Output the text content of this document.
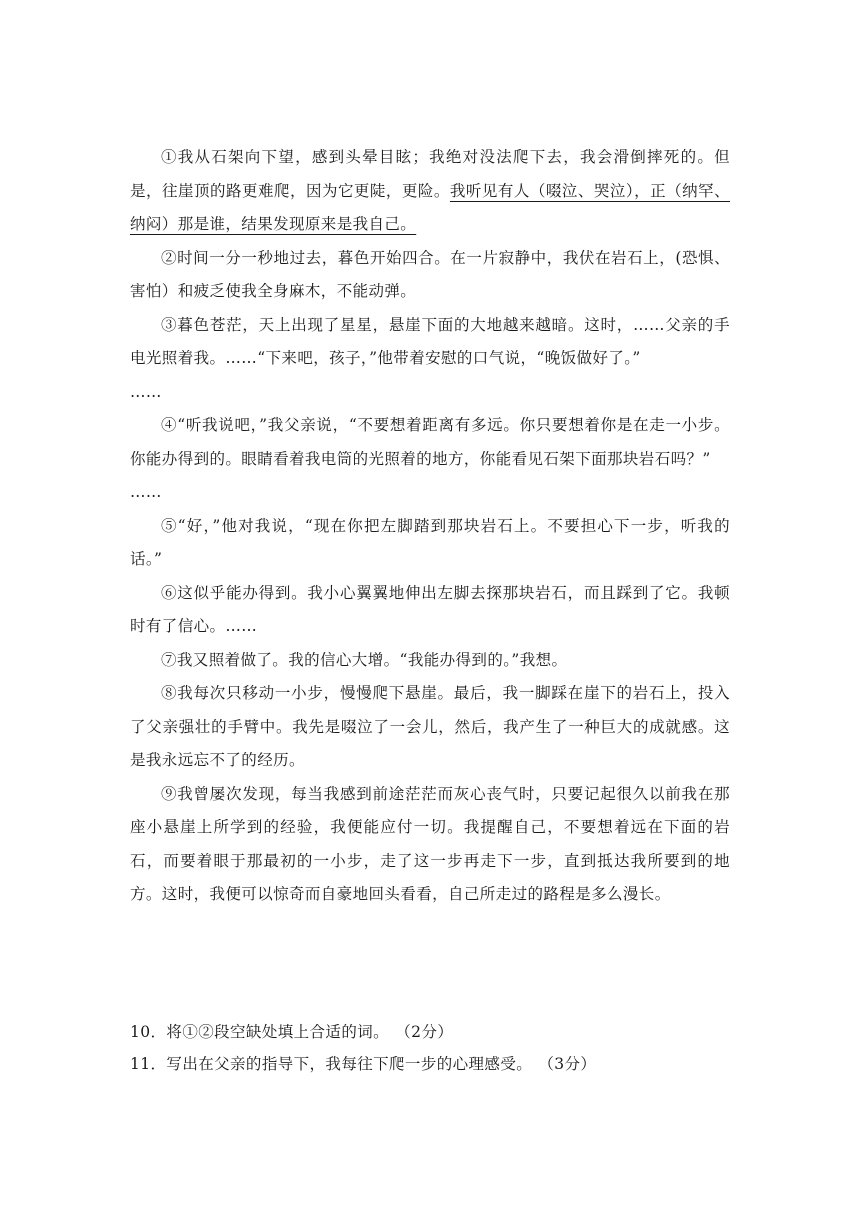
①我从石架向下望，感到头晕目眩；我绝对没法爬下去，我会滑倒摔死的。但是，往崖顶的路更难爬，因为它更陡，更险。我听见有人（啜泣、哭泣），正（纳罕、纳闷）那是谁，结果发现原来是我自己。

②时间一分一秒地过去，暮色开始四合。在一片寂静中，我伏在岩石上，(恐惧、害怕）和疲乏使我全身麻木，不能动弹。

③暮色苍茫，天上出现了星星，悬崖下面的大地越来越暗。这时，……父亲的手电光照着我。……“下来吧，孩子，”他带着安慰的口气说，“晚饭做好了。”

……

④“听我说吧，”我父亲说，“不要想着距离有多远。你只要想着你是在走一小步。你能办得到的。眼睛看着我电筒的光照着的地方，你能看见石架下面那块岩石吗？”

……

⑤“好，”他对我说，“现在你把左脚踏到那块岩石上。不要担心下一步，听我的话。”

⑥这似乎能办得到。我小心翼翼地伸出左脚去探那块岩石，而且踩到了它。我顿时有了信心。……

⑦我又照着做了。我的信心大增。“我能办得到的。”我想。

⑧我每次只移动一小步，慢慢爬下悬崖。最后，我一脚踩在崖下的岩石上，投入了父亲强壮的手臂中。我先是啜泣了一会儿，然后，我产生了一种巨大的成就感。这是我永远忘不了的经历。

⑨我曾屡次发现，每当我感到前途茫茫而灰心丧气时，只要记起很久以前我在那座小悬崖上所学到的经验，我便能应付一切。我提醒自己，不要想着远在下面的岩石，而要着眼于那最初的一小步，走了这一步再走下一步，直到抵达我所要到的地方。这时，我便可以惊奇而自豪地回头看看，自己所走过的路程是多么漫长。

10．将①②段空缺处填上合适的词。 （2分）

11．写出在父亲的指导下，我每往下爬一步的心理感受。 （3分）
